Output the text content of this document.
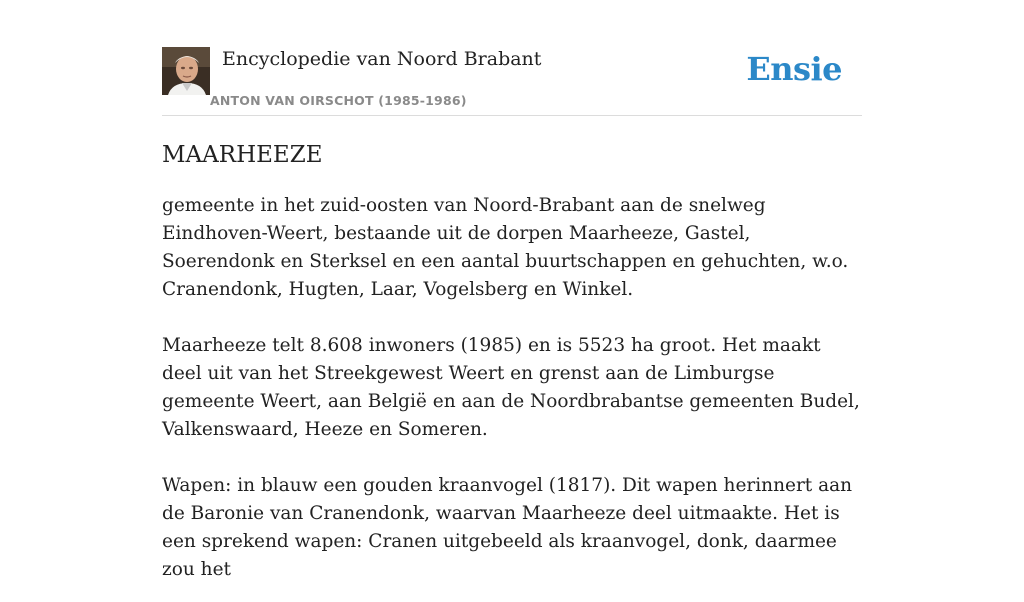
Encyclopedie van Noord Brabant
ANTON VAN OIRSCHOT (1985-1986)
Ensie
MAARHEEZE

gemeente in het zuid-oosten van Noord-Brabant aan de snelweg Eindhoven-Weert, bestaande uit de dorpen Maarheeze, Gastel, Soerendonk en Sterksel en een aantal buurtschappen en gehuchten, w.o. Cranendonk, Hugten, Laar, Vogelsberg en Winkel.

Maarheeze telt 8.608 inwoners (1985) en is 5523 ha groot. Het maakt deel uit van het Streekgewest Weert en grenst aan de Limburgse gemeente Weert, aan België en aan de Noordbrabantse gemeenten Budel, Valkenswaard, Heeze en Someren.

Wapen: in blauw een gouden kraanvogel (1817). Dit wapen herinnert aan de Baronie van Cranendonk, waarvan Maarheeze deel uitmaakte. Het is een sprekend wapen: Cranen uitgebeeld als kraanvogel, donk, daarmee zou het
